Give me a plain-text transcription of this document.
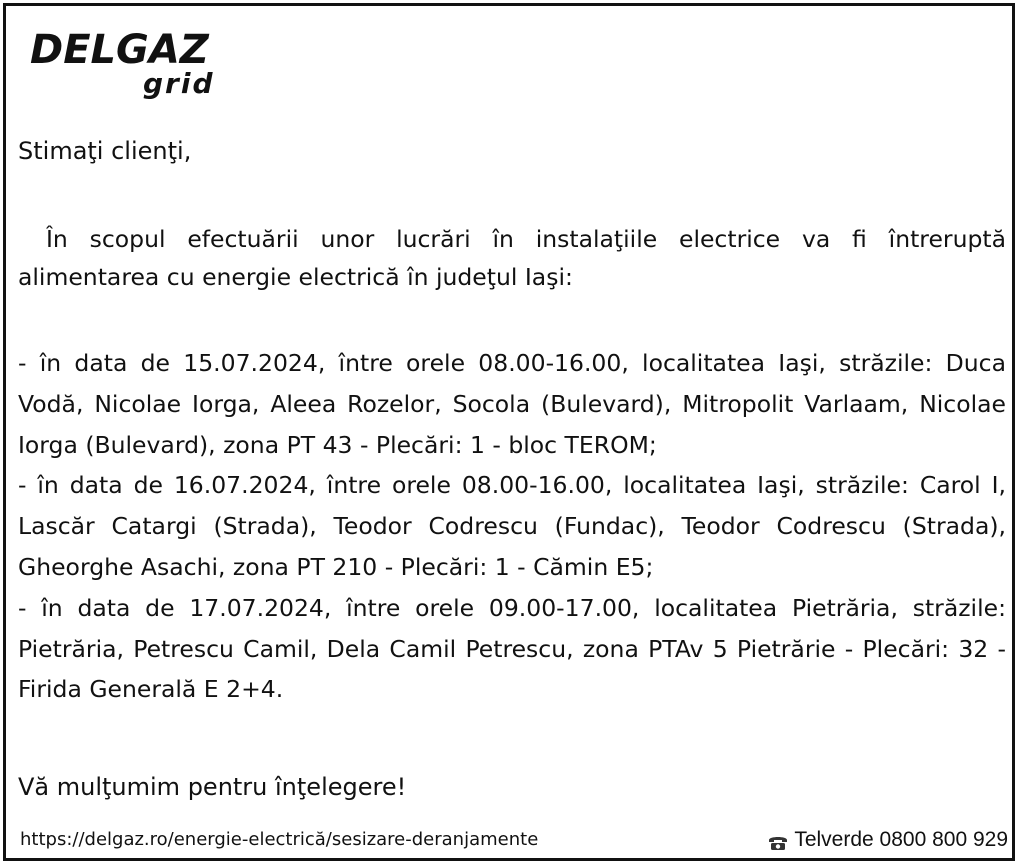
DELGAZ
grid
Stimaţi clienţi,
În scopul efectuării unor lucrări în instalaţiile electrice va fi întreruptă alimentarea cu energie electrică în judeţul Iaşi:
- în data de 15.07.2024, între orele 08.00-16.00, localitatea Iaşi, străzile: Duca Vodă, Nicolae Iorga, Aleea Rozelor, Socola (Bulevard), Mitropolit Varlaam, Nicolae Iorga (Bulevard), zona PT 43 - Plecări: 1 - bloc TEROM;
- în data de 16.07.2024, între orele 08.00-16.00, localitatea Iaşi, străzile: Carol I, Lascăr Catargi (Strada), Teodor Codrescu (Fundac), Teodor Codrescu (Strada), Gheorghe Asachi, zona PT 210 - Plecări: 1 - Cămin E5;
- în data de 17.07.2024, între orele 09.00-17.00, localitatea Pietrăria, străzile: Pietrăria, Petrescu Camil, Dela Camil Petrescu, zona PTAv 5 Pietrărie - Plecări: 32 - Firida Generală E 2+4.
Vă mulţumim pentru înţelegere!
https://delgaz.ro/energie-electrică/sesizare-deranjamente	Telverde 0800 800 929
